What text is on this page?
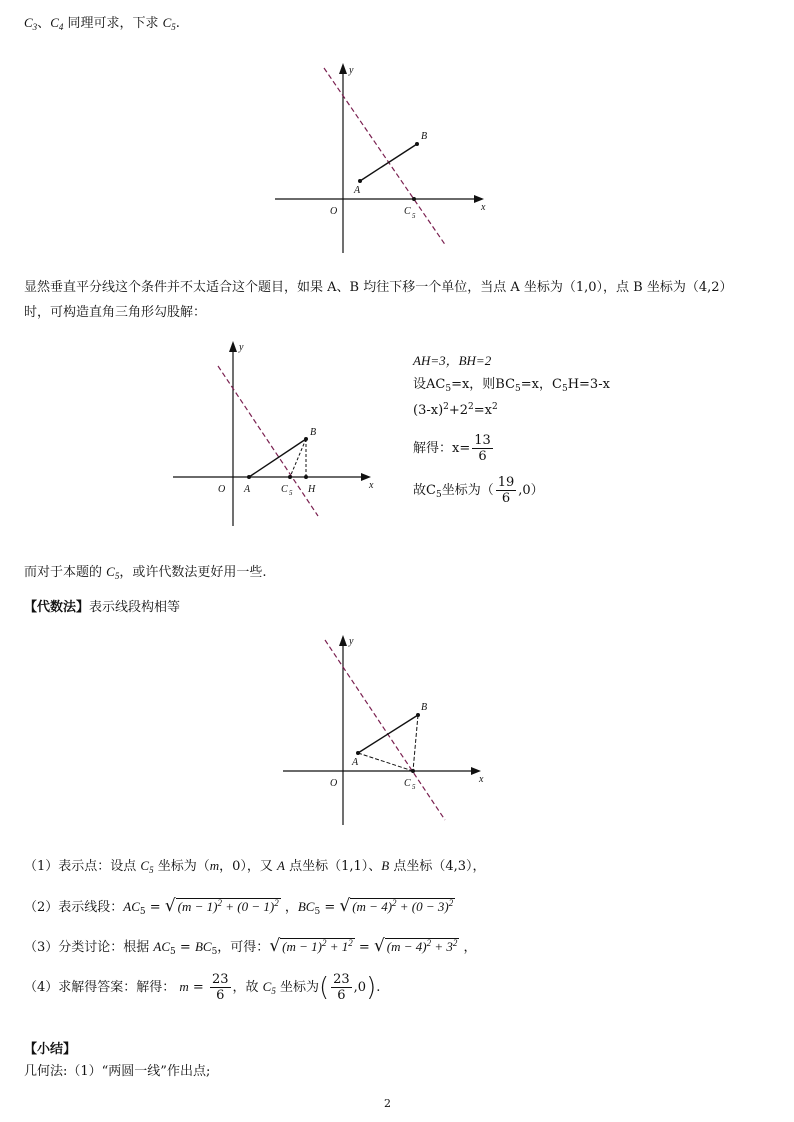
$C_3$、$C_4$ 同理可求，下求 $C_5$.
y
x
O
A
B
C 5
显然垂直平分线这个条件并不太适合这个题目，如果 A、B 均往下移一个单位，当点 A 坐标为（1,0），点 B 坐标为（4,2）
时，可构造直角三角形勾股解：
y
x
O A
B
C 5 H
AH=3，BH=2
设$AC_5=x$，则$BC_5=x$，$C_5H=3-x$
$(3-x)^2+2^2=x^2$
解得：$x= \frac{13}{6}$
故$C_5$坐标为（ $\frac{19}{6} ,0$）
而对于本题的 $C_5$，或许代数法更好用一些.
【代数法】表示线段构相等
y
x
O
A
B
C 5
（1）表示点：设点 $C_5$ 坐标为（m，0），又 A 点坐标（1,1）、B 点坐标（4,3），
（2）表示线段：$AC_5$ = √ $(m - 1)^2 + (0 - 1)^2$ ，$BC_5$ = √ $(m - 4)^2 + (0 - 3)^2$
（3）分类讨论：根据 $AC_5 = BC_5$，可得：√ $(m - 1)^2 + 1^2$ = √ $(m - 4)^2 + 3^2$ ，
（4）求解得答案：解得： $m = \frac{23}{6}$ ，故 $C_5$ 坐标为( $\frac{23}{6} ,0$).
【小结】
几何法:（1）“两圆一线”作出点;
2
